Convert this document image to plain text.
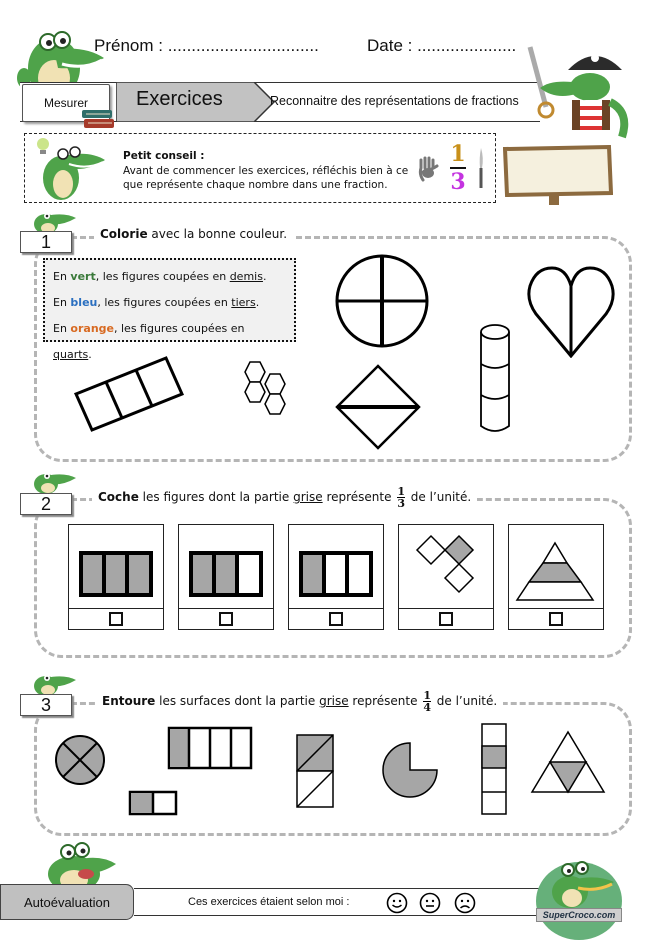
Prénom : ................................	Date : .....................
Exercices
Mesurer	Reconnaitre des représentations de fractions
Petit conseil :
Avant de commencer les exercices, réfléchis bien à ce que représente chaque nombre dans une fraction.
1
3
1	Colorie avec la bonne couleur.
En vert, les figures coupées en demis.
En bleu, les figures coupées en tiers.
En orange, les figures coupées en quarts.
2	Coche les figures dont la partie grise représente $\frac{1}{3}$ de l’unité.
3	Entoure les surfaces dont la partie grise représente $\frac{1}{4}$ de l’unité.
Autoévaluation	Ces exercices étaient selon moi :
SuperCroco.com
